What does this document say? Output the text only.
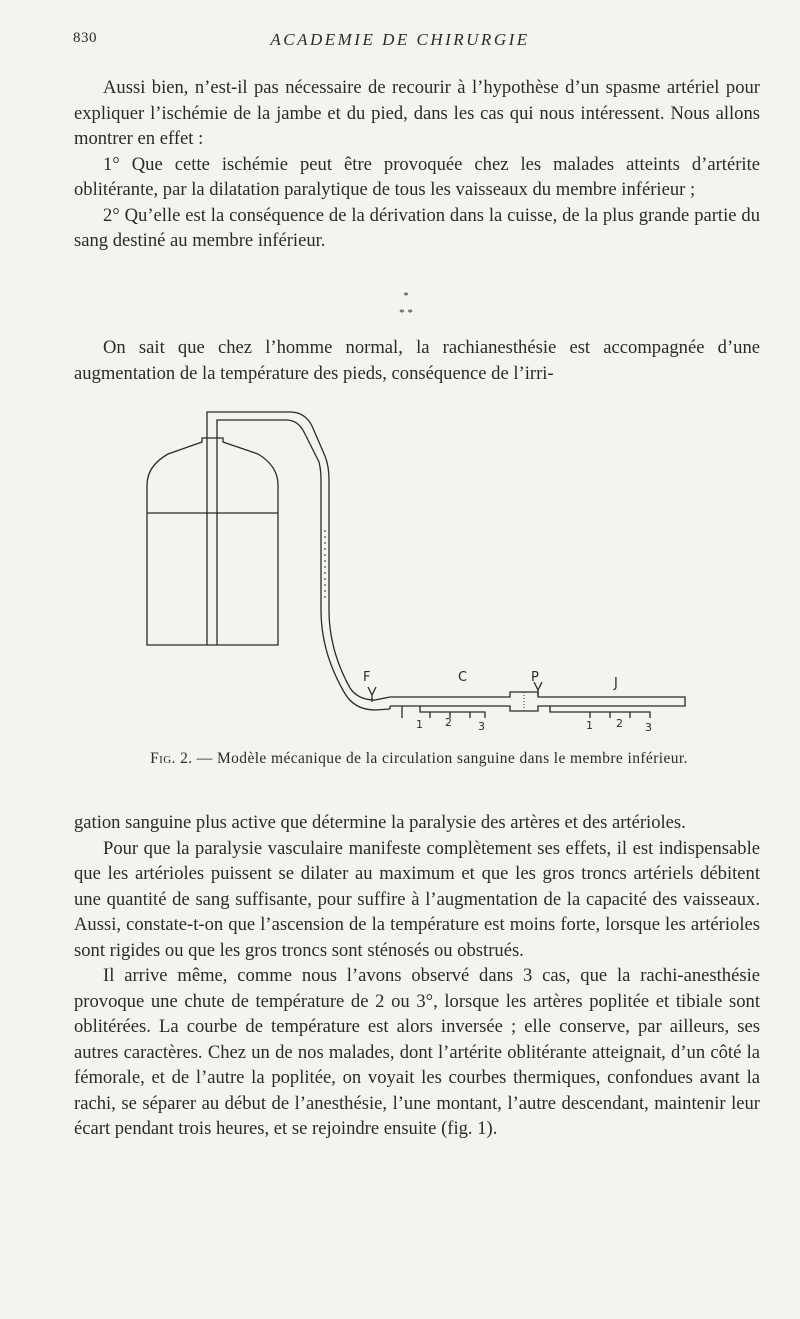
830	ACADEMIE DE CHIRURGIE

Aussi bien, n’est-il pas nécessaire de recourir à l’hypothèse d’un spasme artériel pour expliquer l’ischémie de la jambe et du pied, dans les cas qui nous intéressent. Nous allons montrer en effet :

1° Que cette ischémie peut être provoquée chez les malades atteints d’artérite oblitérante, par la dilatation paralytique de tous les vaisseaux du membre inférieur ;

2° Qu’elle est la conséquence de la dérivation dans la cuisse, de la plus grande partie du sang destiné au membre inférieur.

*
* *

On sait que chez l’homme normal, la rachianesthésie est accompagnée d’une augmentation de la température des pieds, conséquence de l’irri-

F	C	P	J
1 2 3	1 2 3
Fig. 2. — Modèle mécanique de la circulation sanguine dans le membre inférieur.

gation sanguine plus active que détermine la paralysie des artères et des artérioles.

Pour que la paralysie vasculaire manifeste complètement ses effets, il est indispensable que les artérioles puissent se dilater au maximum et que les gros troncs artériels débitent une quantité de sang suffisante, pour suffire à l’augmentation de la capacité des vaisseaux. Aussi, constate-t-on que l’ascension de la température est moins forte, lorsque les artérioles sont rigides ou que les gros troncs sont sténosés ou obstrués.

Il arrive même, comme nous l’avons observé dans 3 cas, que la rachi-anesthésie provoque une chute de température de 2 ou 3°, lorsque les artères poplitée et tibiale sont oblitérées. La courbe de température est alors inversée ; elle conserve, par ailleurs, ses autres caractères. Chez un de nos malades, dont l’artérite oblitérante atteignait, d’un côté la fémorale, et de l’autre la poplitée, on voyait les courbes thermiques, confondues avant la rachi, se séparer au début de l’anesthésie, l’une montant, l’autre descendant, maintenir leur écart pendant trois heures, et se rejoindre ensuite (fig. 1).
